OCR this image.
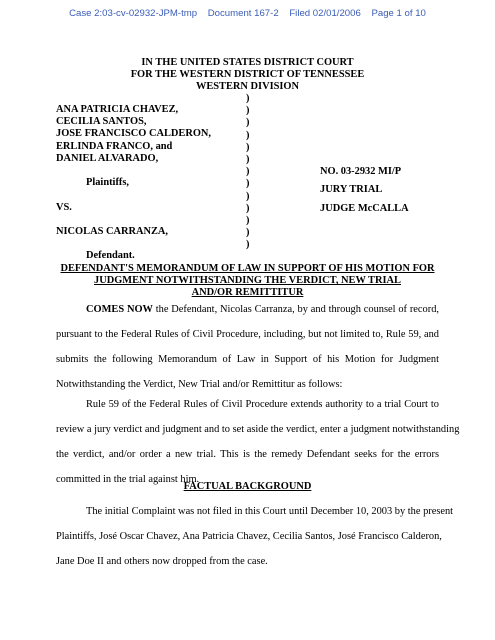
Case 2:03-cv-02932-JPM-tmp    Document 167-2    Filed 02/01/2006    Page 1 of 10
IN THE UNITED STATES DISTRICT COURT
FOR THE WESTERN DISTRICT OF TENNESSEE
WESTERN DIVISION
)
)
)
)
)
)
)
)
)
)
)
)
)
ANA PATRICIA CHAVEZ,
CECILIA SANTOS,
JOSE FRANCISCO CALDERON,
ERLINDA FRANCO, and
DANIEL ALVARADO,
Plaintiffs,
VS.
NICOLAS CARRANZA,
Defendant.
NO. 03-2932 MI/P
JURY TRIAL
JUDGE McCALLA
DEFENDANT'S MEMORANDUM OF LAW IN SUPPORT OF HIS MOTION FOR
JUDGMENT NOTWITHSTANDING THE VERDICT, NEW TRIAL
AND/OR REMITTITUR
COMES NOW the Defendant, Nicolas Carranza, by and through counsel of record,
pursuant to the Federal Rules of Civil Procedure, including, but not limited to, Rule 59, and
submits the following Memorandum of Law in Support of his Motion for Judgment
Notwithstanding the Verdict, New Trial and/or Remittitur as follows:
Rule 59 of the Federal Rules of Civil Procedure extends authority to a trial Court to
review a jury verdict and judgment and to set aside the verdict, enter a judgment notwithstanding
the verdict, and/or order a new trial. This is the remedy Defendant seeks for the errors
committed in the trial against him.
FACTUAL BACKGROUND
The initial Complaint was not filed in this Court until December 10, 2003 by the present
Plaintiffs, José Oscar Chavez, Ana Patricia Chavez, Cecilia Santos, José Francisco Calderon,
Jane Doe II and others now dropped from the case.
